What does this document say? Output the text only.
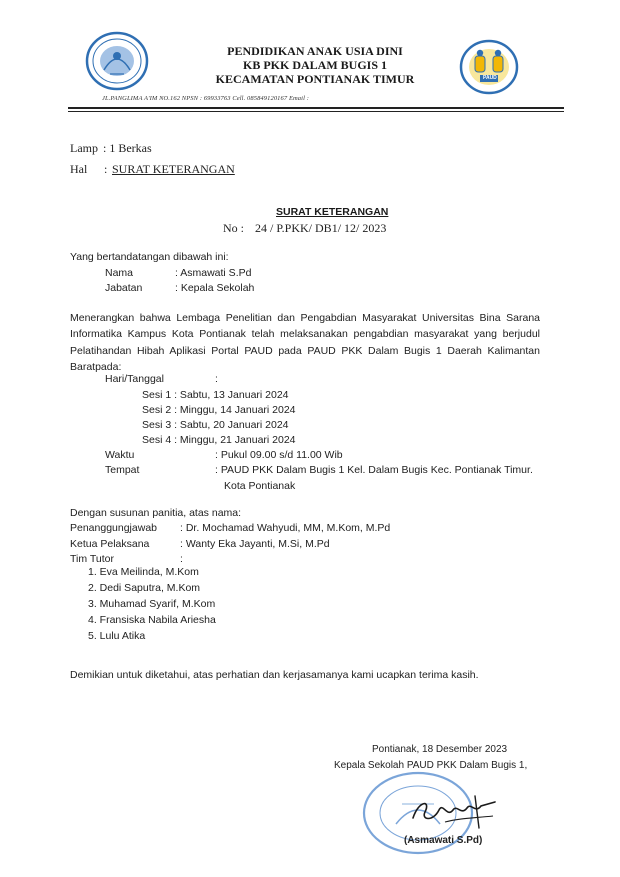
PENDIDIKAN ANAK USIA DINI
KB PKK DALAM BUGIS 1
KECAMATAN PONTIANAK TIMUR	PAUD
JL.PANGLIMA A'IM NO.162 NPSN : 69933763 Cell. 085849120167 Email :
Lamp : 1 Berkas
Hal : SURAT KETERANGAN
SURAT KETERANGAN
No : 24 / P.PKK/ DB1/ 12/ 2023
Yang bertandatangan dibawah ini:
Nama	: Asmawati S.Pd
Jabatan	: Kepala Sekolah
Menerangkan bahwa Lembaga Penelitian dan Pengabdian Masyarakat Universitas Bina Sarana Informatika Kampus Kota Pontianak telah melaksanakan pengabdian masyarakat yang berjudul Pelatihandan Hibah Aplikasi Portal PAUD pada PAUD PKK Dalam Bugis 1 Daerah Kalimantan Baratpada:
Hari/Tanggal	:
Sesi 1 : Sabtu, 13 Januari 2024
Sesi 2 : Minggu, 14 Januari 2024
Sesi 3 : Sabtu, 20 Januari 2024
Sesi 4 : Minggu, 21 Januari 2024
Waktu	: Pukul 09.00 s/d 11.00 Wib
Tempat	: PAUD PKK Dalam Bugis 1 Kel. Dalam Bugis Kec. Pontianak Timur.
Kota Pontianak
Dengan susunan panitia, atas nama:
Penanggungjawab : Dr. Mochamad Wahyudi, MM, M.Kom, M.Pd
Ketua Pelaksana	: Wanty Eka Jayanti, M.Si, M.Pd
Tim Tutor	:
1. Eva Meilinda, M.Kom
2. Dedi Saputra, M.Kom
3. Muhamad Syarif, M.Kom
4. Fransiska Nabila Ariesha
5. Lulu Atika
Demikian untuk diketahui, atas perhatian dan kerjasamanya kami ucapkan terima kasih.
Pontianak, 18 Desember 2023
Kepala Sekolah PAUD PKK Dalam Bugis 1,
(Asmawati S.Pd)
